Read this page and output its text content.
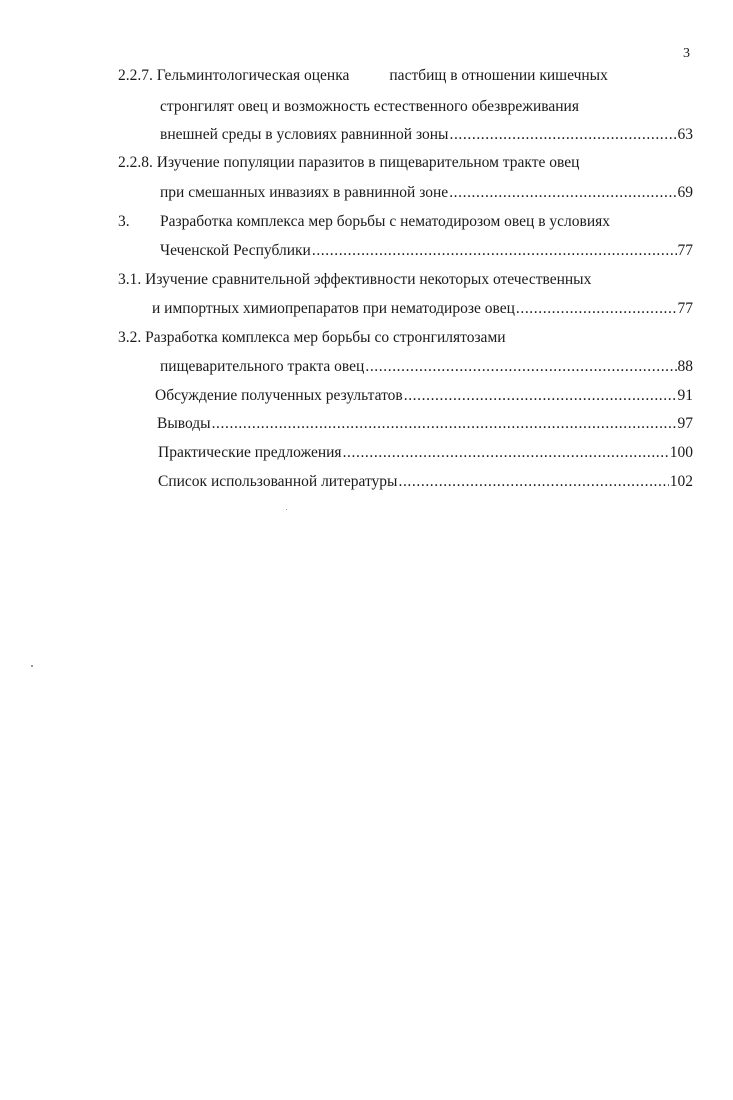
3
2.2.7. Гельминтологическая оценка	пастбищ в отношении кишечных
стронгилят овец и возможность естественного обезвреживания
внешней среды в условиях равнинной зоны .....	63
2.2.8. Изучение популяции паразитов в пищеварительном тракте овец
при смешанных инвазиях в равнинной зоне .....	69
3. Разработка комплекса мер борьбы с нематодирозом овец в условиях
Чеченской Республики .....	77
3.1. Изучение сравнительной эффективности некоторых отечественных
и импортных химиопрепаратов при нематодирозе овец .....	77
3.2. Разработка комплекса мер борьбы со стронгилятозами
пищеварительного тракта овец .....	88
Обсуждение полученных результатов .....	91
Выводы .....	97
Практические предложения .....	100
Список использованной литературы .....	102
